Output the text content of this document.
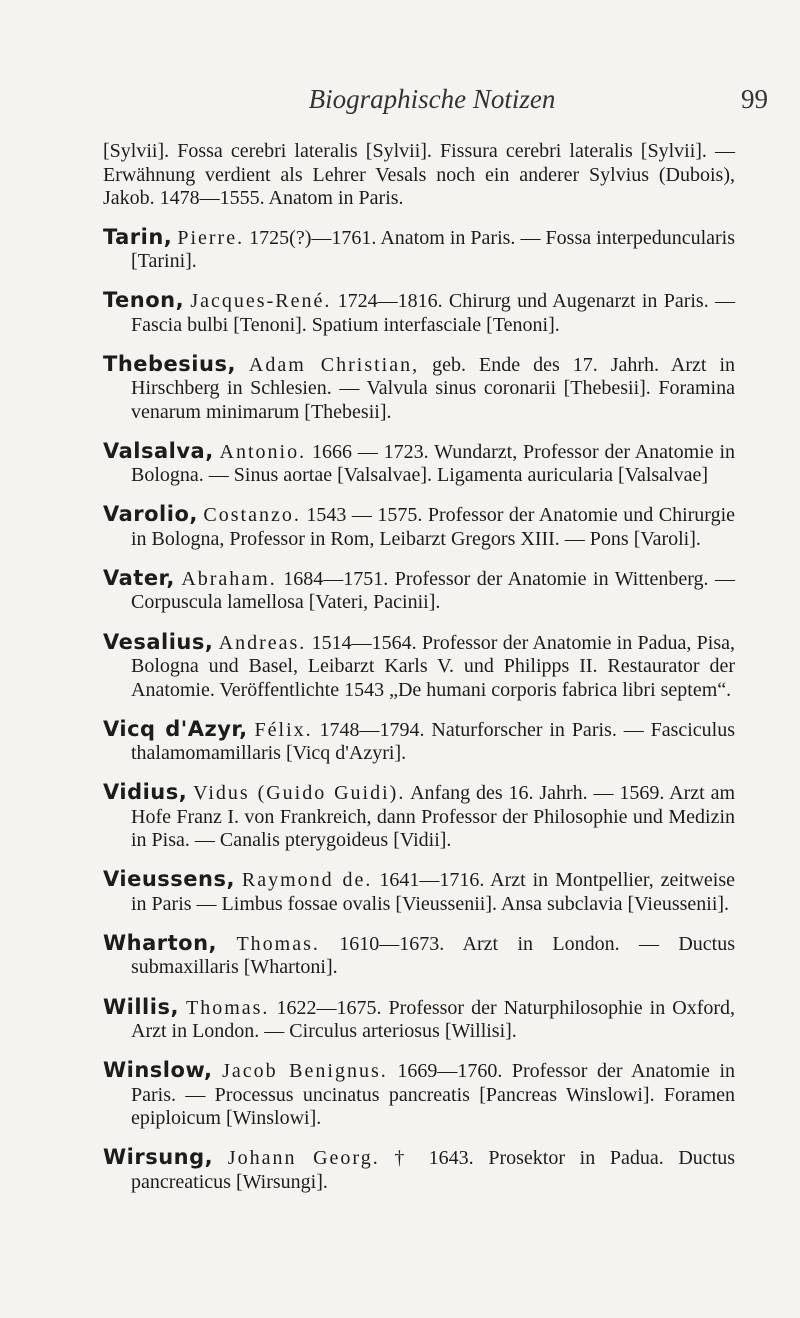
Biographische Notizen	99

[Sylvii]. Fossa cerebri lateralis [Sylvii]. Fissura cerebri lateralis [Sylvii]. — Erwähnung verdient als Lehrer Vesals noch ein anderer Sylvius (Dubois), Jakob. 1478—1555. Anatom in Paris.

Tarin, Pierre. 1725(?)—1761. Anatom in Paris. — Fossa interpeduncularis [Tarini].

Tenon, Jacques-René. 1724—1816. Chirurg und Augenarzt in Paris. — Fascia bulbi [Tenoni]. Spatium interfasciale [Tenoni].

Thebesius, Adam Christian, geb. Ende des 17. Jahrh. Arzt in Hirschberg in Schlesien. — Valvula sinus coronarii [Thebesii]. Foramina venarum minimarum [Thebesii].

Valsalva, Antonio. 1666 — 1723. Wundarzt, Professor der Anatomie in Bologna. — Sinus aortae [Valsalvae]. Ligamenta auricularia [Valsalvae]

Varolio, Costanzo. 1543 — 1575. Professor der Anatomie und Chirurgie in Bologna, Professor in Rom, Leibarzt Gregors XIII. — Pons [Varoli].

Vater, Abraham. 1684—1751. Professor der Anatomie in Wittenberg. — Corpuscula lamellosa [Vateri, Pacinii].

Vesalius, Andreas. 1514—1564. Professor der Anatomie in Padua, Pisa, Bologna und Basel, Leibarzt Karls V. und Philipps II. Restaurator der Anatomie. Veröffentlichte 1543 „De humani corporis fabrica libri septem“.

Vicq d'Azyr, Félix. 1748—1794. Naturforscher in Paris. — Fasciculus thalamomamillaris [Vicq d'Azyri].

Vidius, Vidus (Guido Guidi). Anfang des 16. Jahrh. — 1569. Arzt am Hofe Franz I. von Frankreich, dann Professor der Philosophie und Medizin in Pisa. — Canalis pterygoideus [Vidii].

Vieussens, Raymond de. 1641—1716. Arzt in Montpellier, zeitweise in Paris — Limbus fossae ovalis [Vieussenii]. Ansa subclavia [Vieussenii].

Wharton, Thomas. 1610—1673. Arzt in London. — Ductus submaxillaris [Whartoni].

Willis, Thomas. 1622—1675. Professor der Naturphilosophie in Oxford, Arzt in London. — Circulus arteriosus [Willisi].

Winslow, Jacob Benignus. 1669—1760. Professor der Anatomie in Paris. — Processus uncinatus pancreatis [Pancreas Winslowi]. Foramen epiploicum [Winslowi].

Wirsung, Johann Georg. † 1643. Prosektor in Padua. Ductus pancreaticus [Wirsungi].
